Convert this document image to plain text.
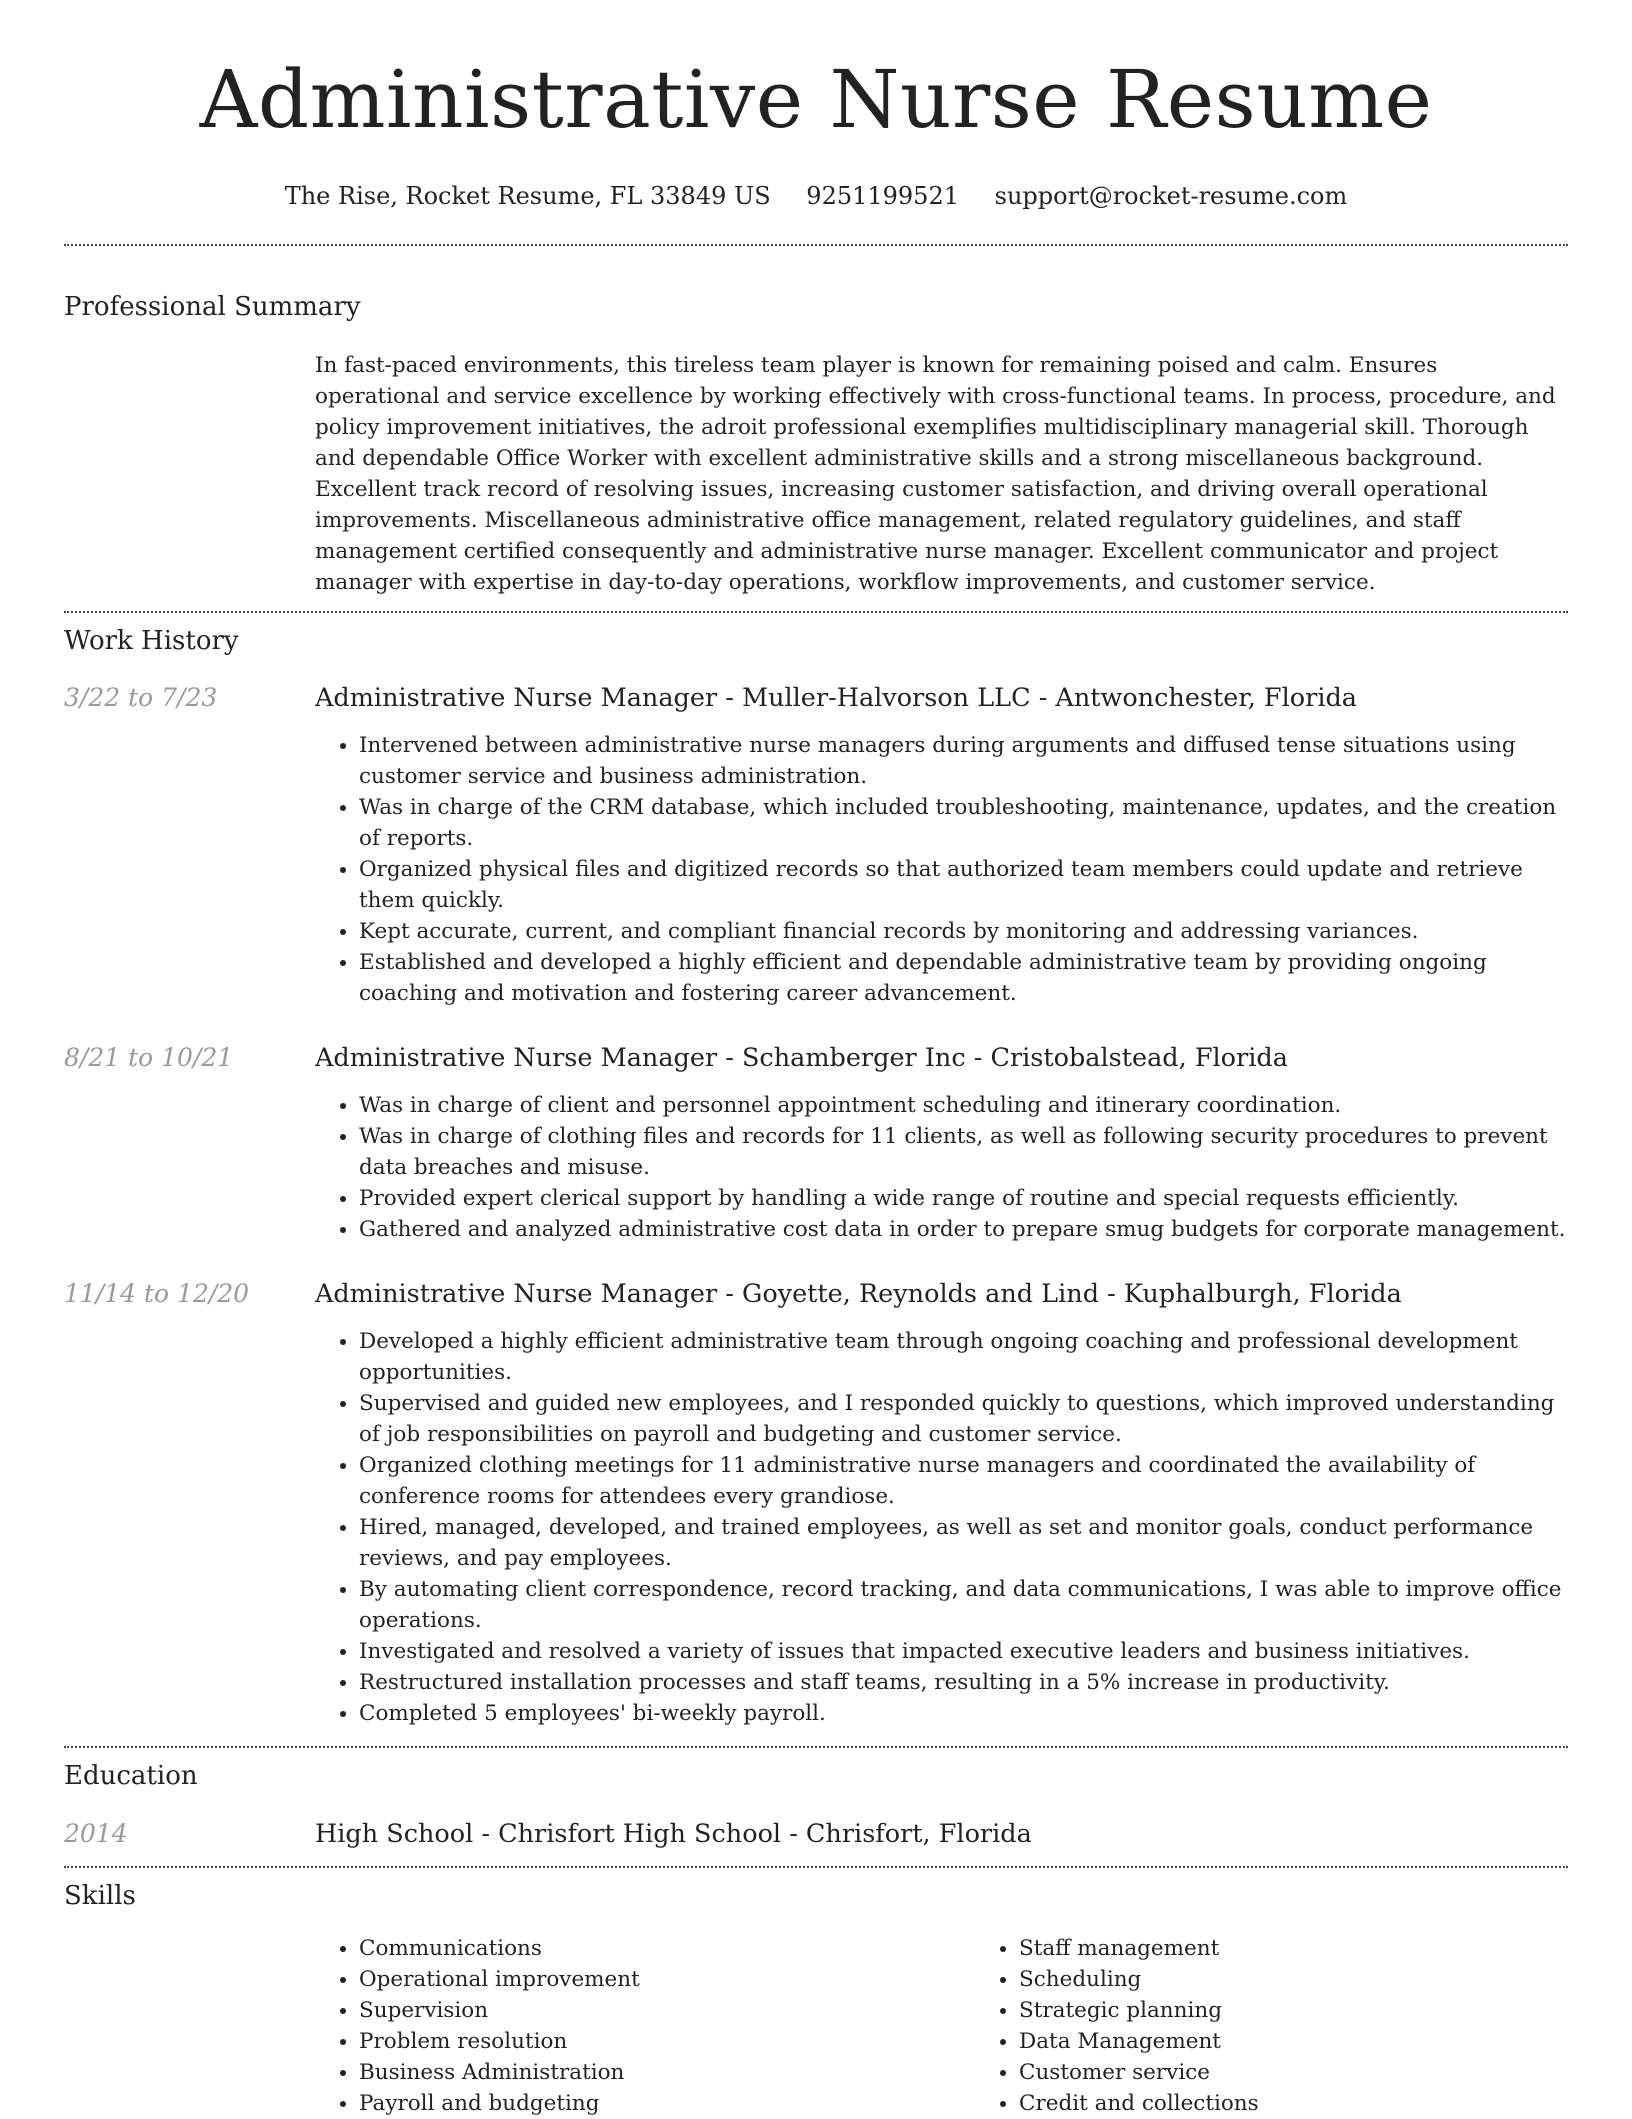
Administrative Nurse Resume
The Rise, Rocket Resume, FL 33849 US 9251199521 support@rocket-resume.com
Professional Summary

In fast-paced environments, this tireless team player is known for remaining poised and calm. Ensures operational and service excellence by working effectively with cross-functional teams. In process, procedure, and policy improvement initiatives, the adroit professional exemplifies multidisciplinary managerial skill. Thorough and dependable Office Worker with excellent administrative skills and a strong miscellaneous background. Excellent track record of resolving issues, increasing customer satisfaction, and driving overall operational improvements. Miscellaneous administrative office management, related regulatory guidelines, and staff management certified consequently and administrative nurse manager. Excellent communicator and project manager with expertise in day-to-day operations, workflow improvements, and customer service.

Work History
3/22 to 7/23	Administrative Nurse Manager - Muller-Halvorson LLC - Antwonchester, Florida
• Intervened between administrative nurse managers during arguments and diffused tense situations using customer service and business administration.
• Was in charge of the CRM database, which included troubleshooting, maintenance, updates, and the creation of reports.
• Organized physical files and digitized records so that authorized team members could update and retrieve them quickly.
• Kept accurate, current, and compliant financial records by monitoring and addressing variances.
• Established and developed a highly efficient and dependable administrative team by providing ongoing coaching and motivation and fostering career advancement.
8/21 to 10/21	Administrative Nurse Manager - Schamberger Inc - Cristobalstead, Florida
• Was in charge of client and personnel appointment scheduling and itinerary coordination.
• Was in charge of clothing files and records for 11 clients, as well as following security procedures to prevent data breaches and misuse.
• Provided expert clerical support by handling a wide range of routine and special requests efficiently.
• Gathered and analyzed administrative cost data in order to prepare smug budgets for corporate management.
11/14 to 12/20	Administrative Nurse Manager - Goyette, Reynolds and Lind - Kuphalburgh, Florida
• Developed a highly efficient administrative team through ongoing coaching and professional development opportunities.
• Supervised and guided new employees, and I responded quickly to questions, which improved understanding of job responsibilities on payroll and budgeting and customer service.
• Organized clothing meetings for 11 administrative nurse managers and coordinated the availability of conference rooms for attendees every grandiose.
• Hired, managed, developed, and trained employees, as well as set and monitor goals, conduct performance reviews, and pay employees.
• By automating client correspondence, record tracking, and data communications, I was able to improve office operations.
• Investigated and resolved a variety of issues that impacted executive leaders and business initiatives.
• Restructured installation processes and staff teams, resulting in a 5% increase in productivity.
• Completed 5 employees' bi-weekly payroll.
Education
2014	High School - Chrisfort High School - Chrisfort, Florida
Skills
• Communications
• Operational improvement
• Supervision
• Problem resolution
• Business Administration
• Payroll and budgeting
• Staff management
• Scheduling
• Strategic planning
• Data Management
• Customer service
• Credit and collections
